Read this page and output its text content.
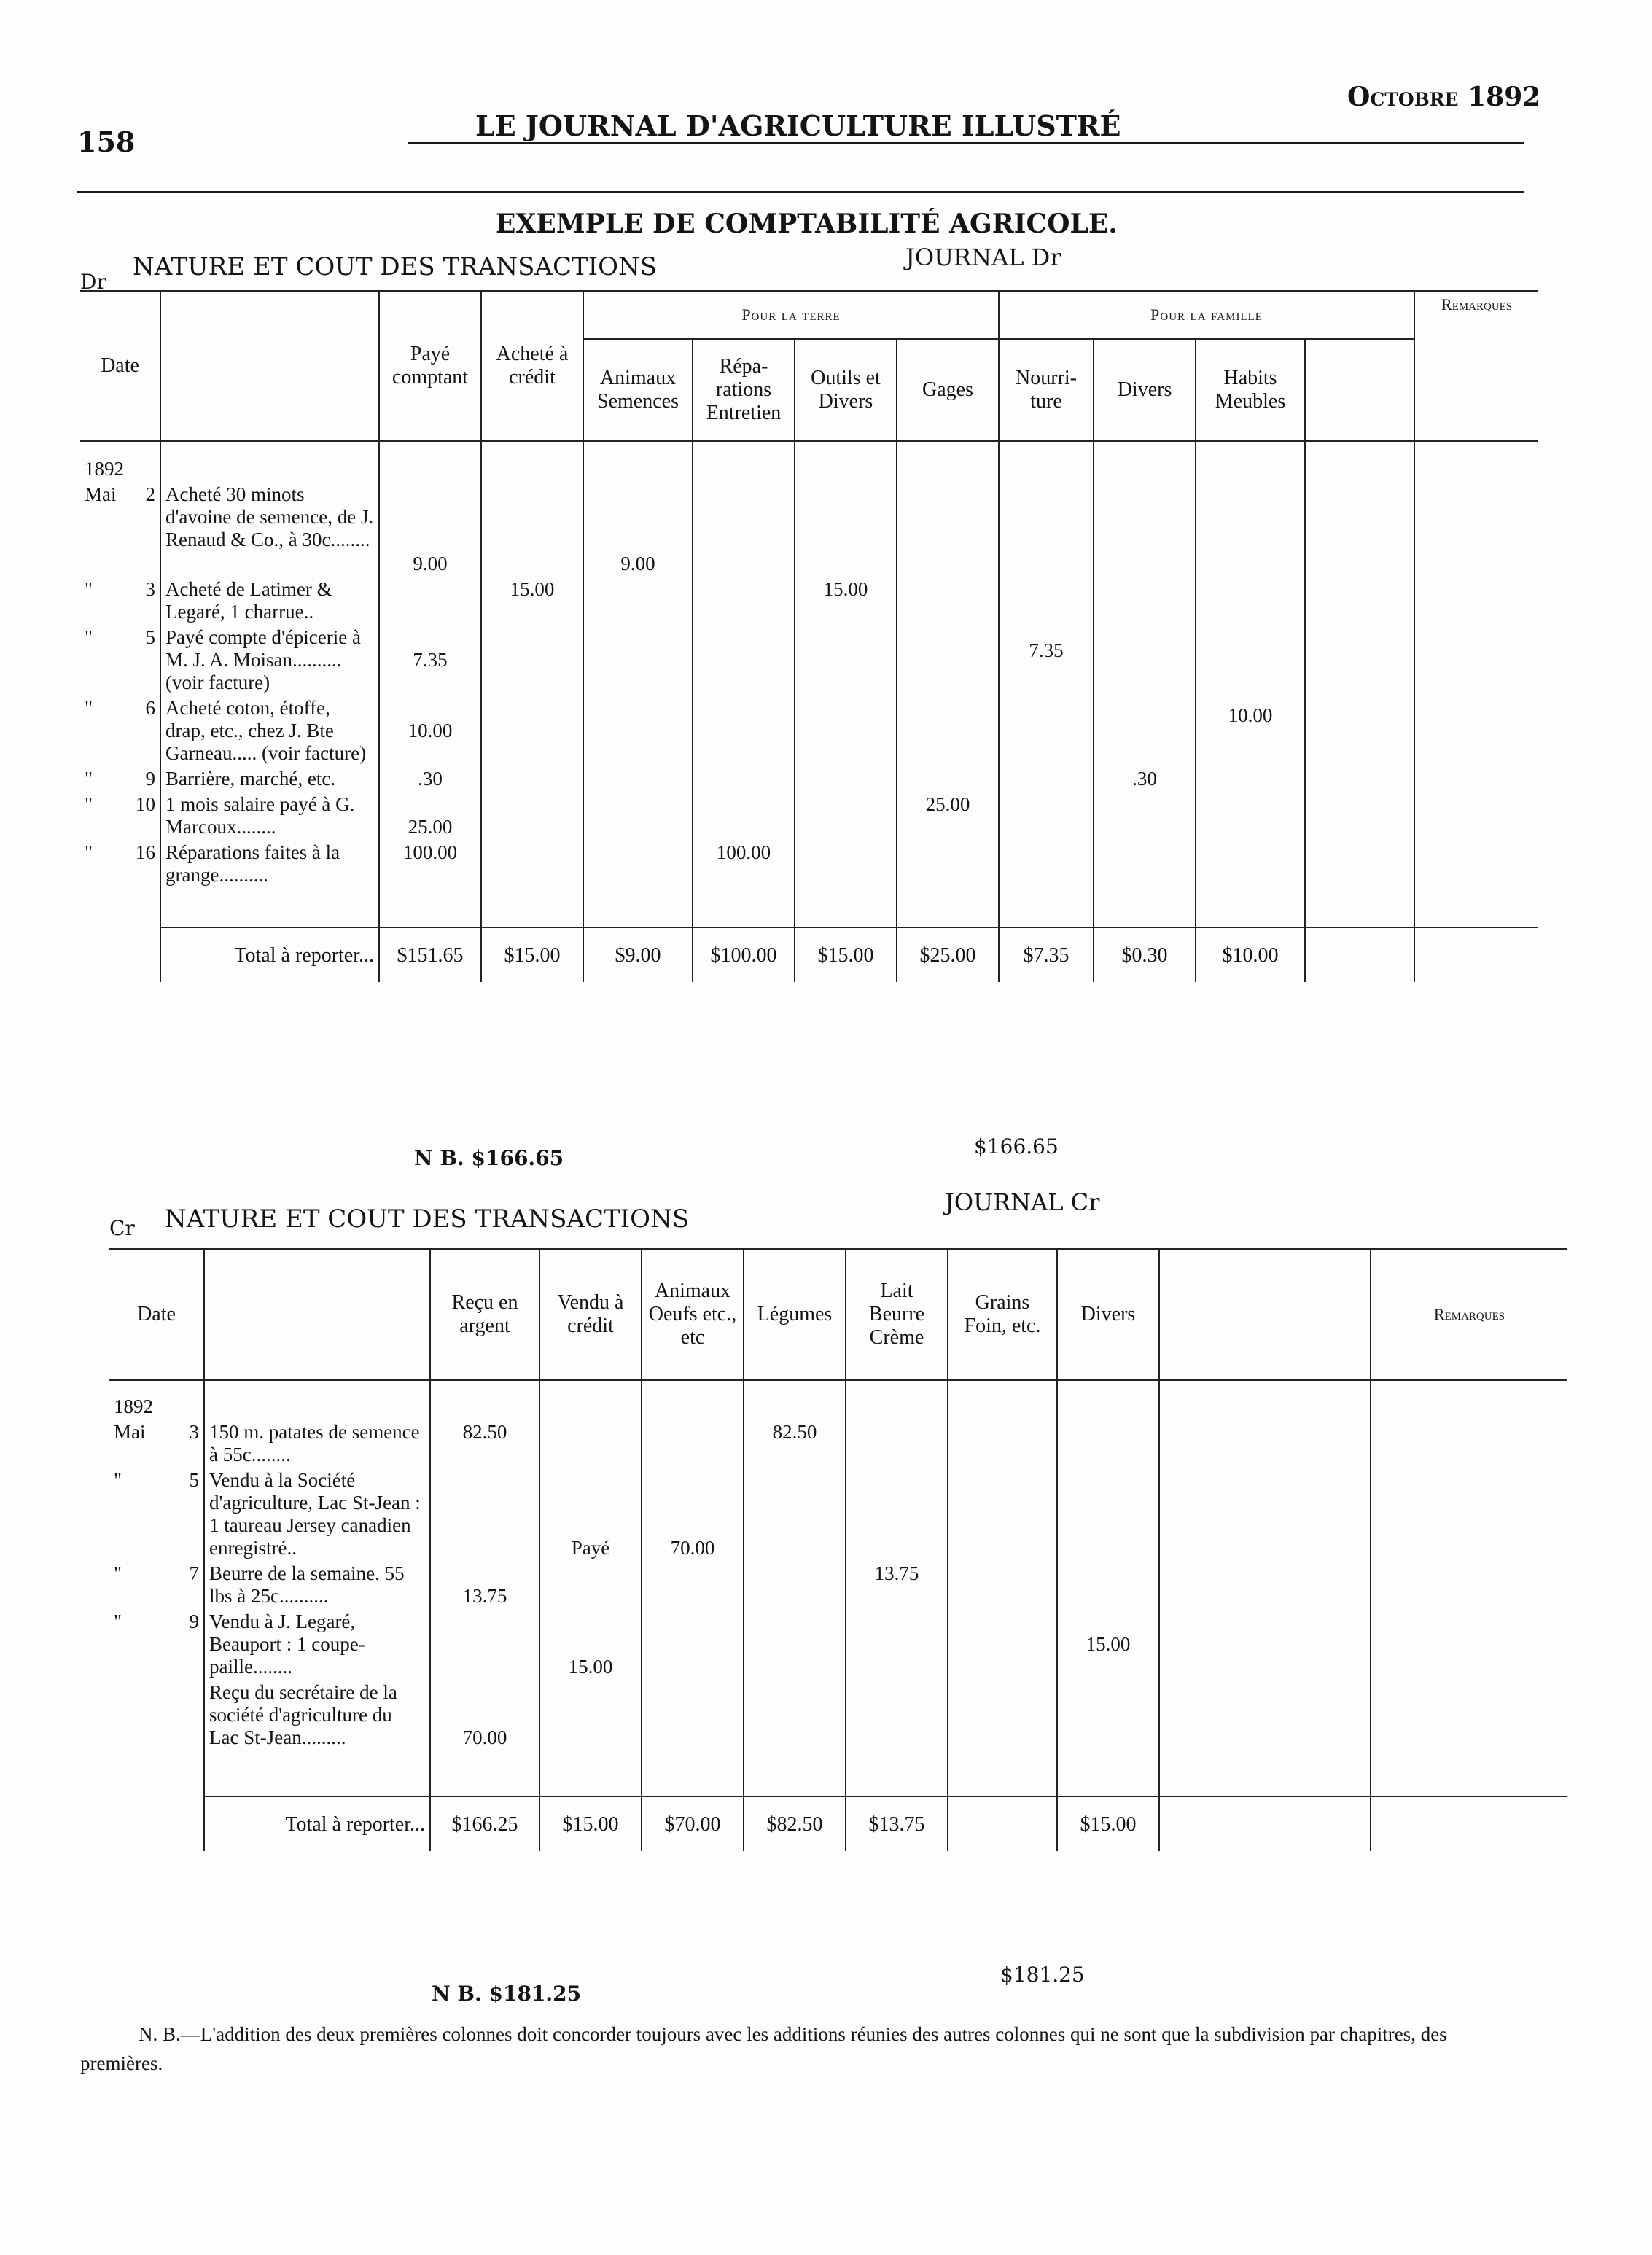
158	LE JOURNAL D'AGRICULTURE ILLUSTRÉ
Octobre 1892
EXEMPLE DE COMPTABILITÉ AGRICOLE.
Dr
NATURE ET COUT DES TRANSACTIONS	JOURNAL Dr
Date		Payé comptant	Acheté à crédit	Pour la terre				Pour la famille				Remarques
				Animaux Semences	Répa-rations Entretien	Outils et Divers	Gages	Nourri-ture	Divers	Habits Meubles		
1892												
Mai 2	Acheté 30 minots d'avoine de semence, de J. Renaud & Co., à 30c........	9.00		9.00								
" 3	Acheté de Latimer & Legaré, 1 charrue..		15.00			15.00						
" 5	Payé compte d'épicerie à M. J. A. Moisan.......... (voir facture)	7.35						7.35				
" 6	Acheté coton, étoffe, drap, etc., chez J. Bte Garneau..... (voir facture)	10.00								10.00		
" 9	Barrière, marché, etc.	.30							.30			
" 10	1 mois salaire payé à G. Marcoux........	25.00					25.00					
" 16	Réparations faites à la grange..........	100.00			100.00							
	Total à reporter...	$151.65	$15.00	$9.00	$100.00	$15.00	$25.00	$7.35	$0.30	$10.00		
N B. $166.65	$166.65
Cr NATURE ET COUT DES TRANSACTIONS
JOURNAL Cr
Date		Reçu en argent	Vendu à crédit	Animaux Oeufs etc., etc	Légumes	Lait Beurre Crème	Grains Foin, etc.	Divers		Remarques
1892										
Mai 3	150 m. patates de semence à 55c........	82.50			82.50					
" 5	Vendu à la Société d'agriculture, Lac St-Jean : 1 taureau Jersey canadien enregistré..		Payé	70.00						
" 7	Beurre de la semaine. 55 lbs à 25c..........	13.75				13.75				
" 9	Vendu à J. Legaré, Beauport : 1 coupe-paille........		15.00					15.00		

	Reçu du secrétaire de la société d'agriculture du Lac St-Jean.........	70.00								
	Total à reporter...	$166.25	$15.00	$70.00	$82.50	$13.75		$15.00		
N B. $181.25
$181.25
N. B.—L'addition des deux premières colonnes doit concorder toujours avec les additions réunies des autres colonnes qui ne sont que la subdivision par chapitres, des premières.
